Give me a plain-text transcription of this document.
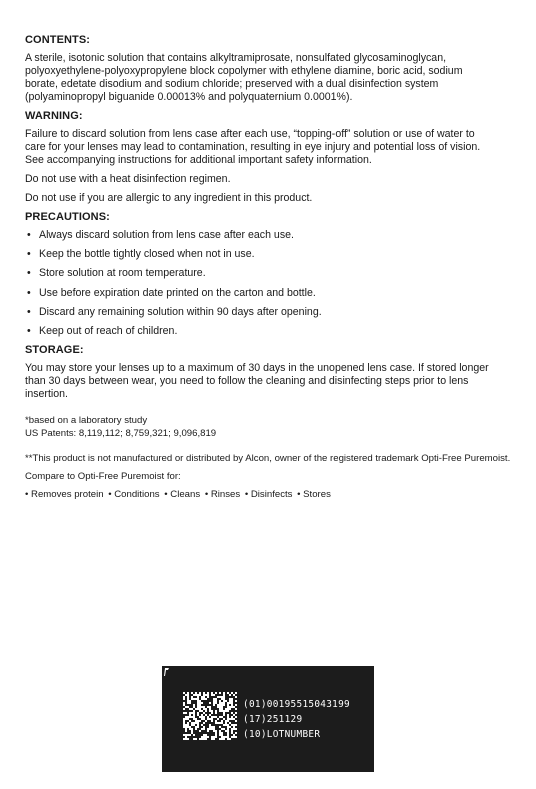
CONTENTS:
A sterile, isotonic solution that contains alkyltramiprosate, nonsulfated glycosaminoglycan,
polyoxyethylene-polyoxypropylene block copolymer with ethylene diamine, boric acid, sodium
borate, edetate disodium and sodium chloride; preserved with a dual disinfection system
(polyaminopropyl biguanide 0.00013% and polyquaternium 0.0001%).
WARNING:
Failure to discard solution from lens case after each use, “topping-off” solution or use of water to
care for your lenses may lead to contamination, resulting in eye injury and potential loss of vision.
See accompanying instructions for additional important safety information.
Do not use with a heat disinfection regimen.
Do not use if you are allergic to any ingredient in this product.
PRECAUTIONS:
• Always discard solution from lens case after each use.
• Keep the bottle tightly closed when not in use.
• Store solution at room temperature.
• Use before expiration date printed on the carton and bottle.
• Discard any remaining solution within 90 days after opening.
• Keep out of reach of children.
STORAGE:
You may store your lenses up to a maximum of 30 days in the unopened lens case. If stored longer
than 30 days between wear, you need to follow the cleaning and disinfecting steps prior to lens
insertion.
*based on a laboratory study
US Patents: 8,119,112; 8,759,321; 9,096,819
**This product is not manufactured or distributed by Alcon, owner of the registered trademark Opti-Free Puremoist.
Compare to Opti-Free Puremoist for:
• Removes protein • Conditions • Cleans • Rinses • Disinfects • Stores
(01)00195515043199
(17)251129
(10)LOTNUMBER
